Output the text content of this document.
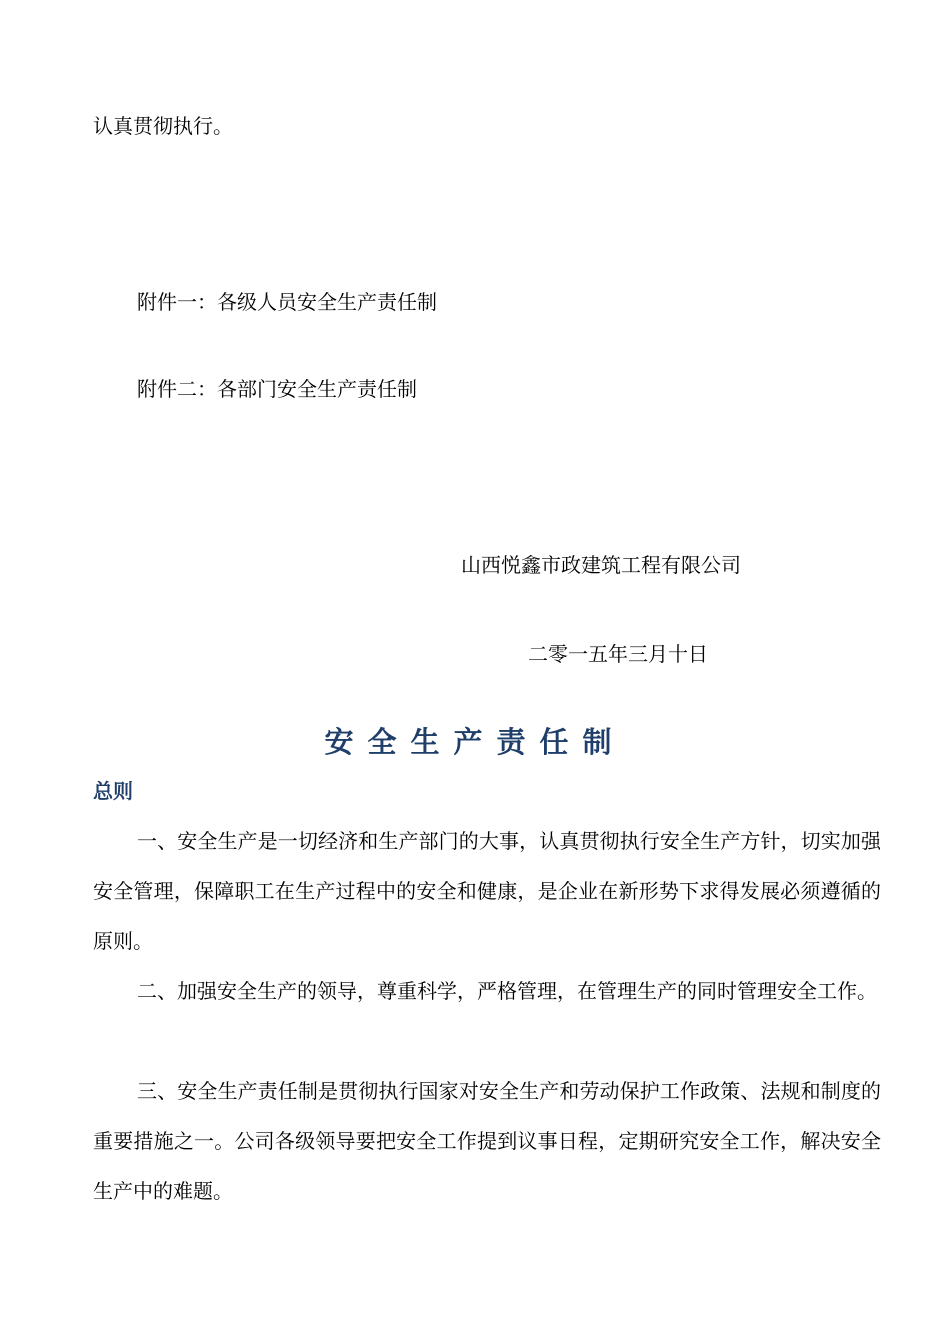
认真贯彻执行。

附件一：各级人员安全生产责任制

附件二：各部门安全生产责任制

山西悦鑫市政建筑工程有限公司

二零一五年三月十日

安全生产责任制
总则

一、安全生产是一切经济和生产部门的大事，认真贯彻执行安全生产方针，切实加强安全管理，保障职工在生产过程中的安全和健康，是企业在新形势下求得发展必须遵循的原则。

二、加强安全生产的领导，尊重科学，严格管理，在管理生产的同时管理安全工作。

三、安全生产责任制是贯彻执行国家对安全生产和劳动保护工作政策、法规和制度的重要措施之一。公司各级领导要把安全工作提到议事日程，定期研究安全工作，解决安全生产中的难题。
